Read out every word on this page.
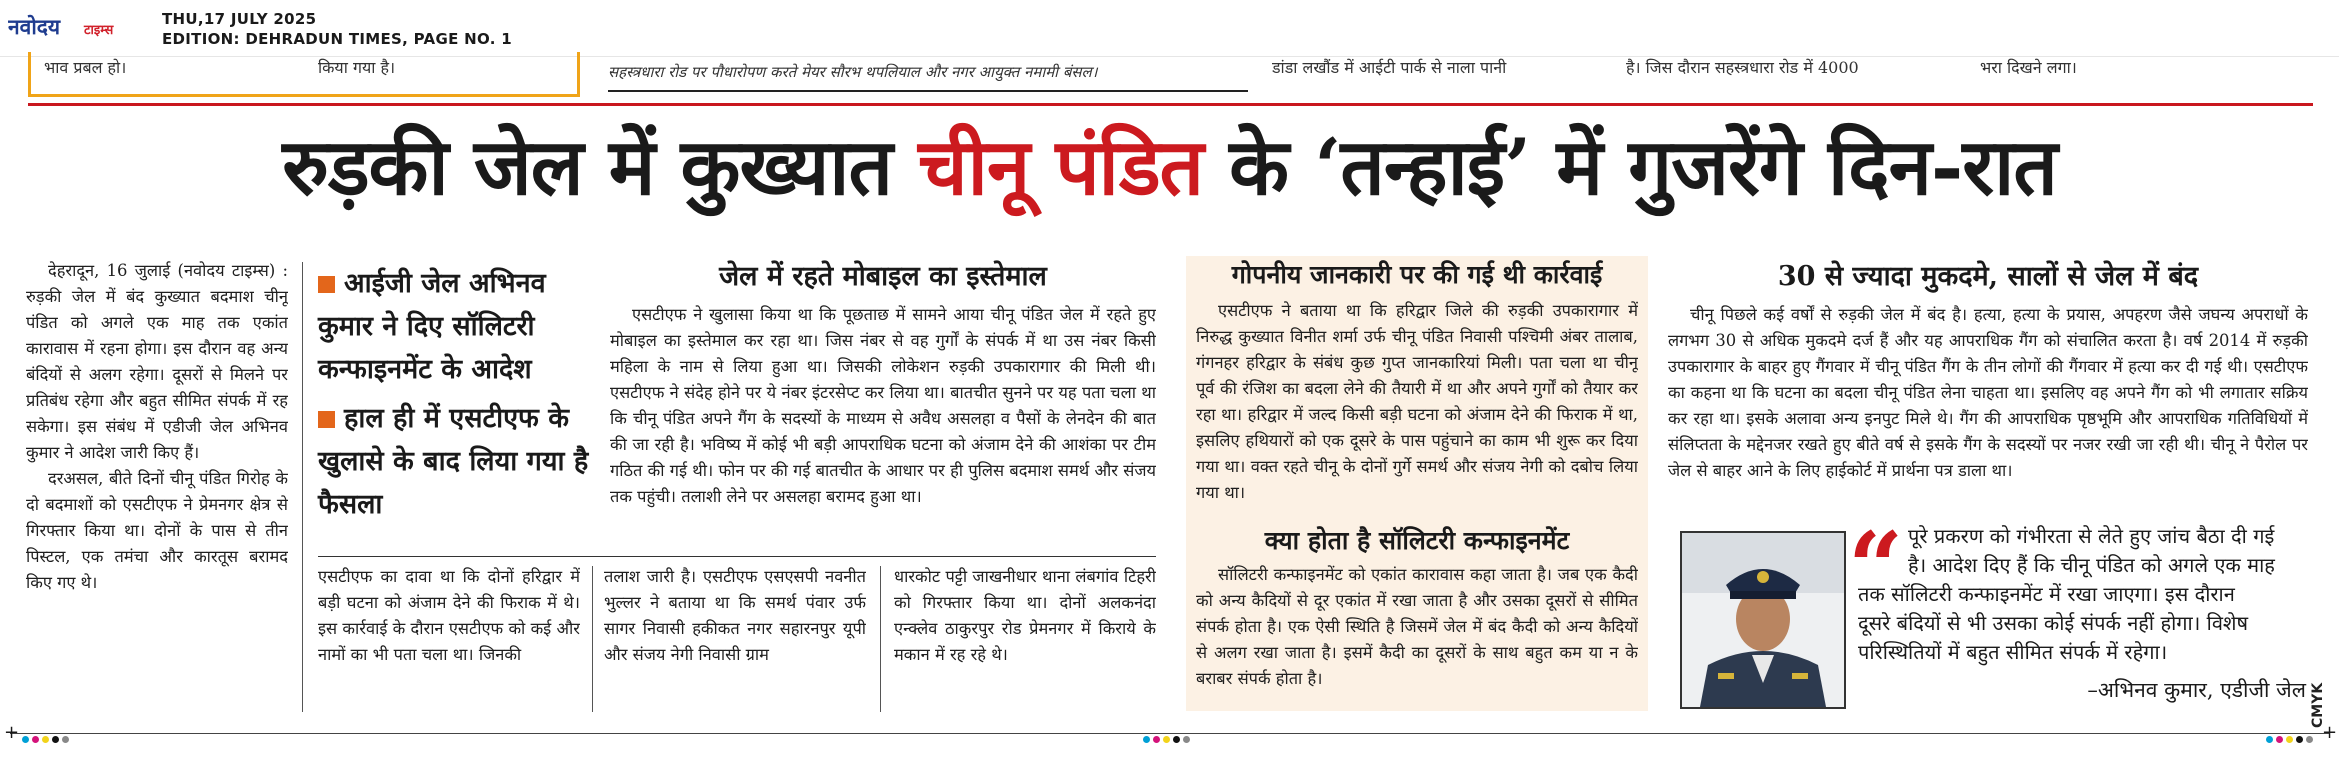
नवोदय टाइम्स
THU,17 JULY 2025
EDITION: DEHRADUN TIMES, PAGE NO. 1
भाव प्रबल हो।	किया गया है।	सहस्त्रधारा रोड पर पौधारोपण करते मेयर सौरभ थपलियाल और नगर आयुक्त नमामी बंसल।	डांडा लखौंड में आईटी पार्क से नाला पानी	है। जिस दौरान सहस्त्रधारा रोड में 4000	भरा दिखने लगा।
रुड़की जेल में कुख्यात चीनू पंडित के ‘तन्हाई’ में गुजरेंगे दिन-रात

देहरादून, 16 जुलाई (नवोदय टाइम्स) : रुड़की जेल में बंद कुख्यात बदमाश चीनू पंडित को अगले एक माह तक एकांत कारावास में रहना होगा। इस दौरान वह अन्य बंदियों से अलग रहेगा। दूसरों से मिलने पर प्रतिबंध रहेगा और बहुत सीमित संपर्क में रह सकेगा। इस संबंध में एडीजी जेल अभिनव कुमार ने आदेश जारी किए हैं।

दरअसल, बीते दिनों चीनू पंडित गिरोह के दो बदमाशों को एसटीएफ ने प्रेमनगर क्षेत्र से गिरफ्तार किया था। दोनों के पास से तीन पिस्टल, एक तमंचा और कारतूस बरामद किए गए थे।

आईजी जेल अभिनव कुमार ने दिए सॉलिटरी कन्फाइनमेंट के आदेश
हाल ही में एसटीएफ के खुलासे के बाद लिया गया है फैसला
जेल में रहते मोबाइल का इस्तेमाल

एसटीएफ ने खुलासा किया था कि पूछताछ में सामने आया चीनू पंडित जेल में रहते हुए मोबाइल का इस्तेमाल कर रहा था। जिस नंबर से वह गुर्गों के संपर्क में था उस नंबर किसी महिला के नाम से लिया हुआ था। जिसकी लोकेशन रुड़की उपकारागार की मिली थी। एसटीएफ ने संदेह होने पर ये नंबर इंटरसेप्ट कर लिया था। बातचीत सुनने पर यह पता चला था कि चीनू पंडित अपने गैंग के सदस्यों के माध्यम से अवैध असलहा व पैसों के लेनदेन की बात की जा रही है। भविष्य में कोई भी बड़ी आपराधिक घटना को अंजाम देने की आशंका पर टीम गठित की गई थी। फोन पर की गई बातचीत के आधार पर ही पुलिस बदमाश समर्थ और संजय तक पहुंची। तलाशी लेने पर असलहा बरामद हुआ था।

एसटीएफ का दावा था कि दोनों हरिद्वार में बड़ी घटना को अंजाम देने की फिराक में थे। इस कार्रवाई के दौरान एसटीएफ को कई और नामों का भी पता चला था। जिनकी

तलाश जारी है। एसटीएफ एसएसपी नवनीत भुल्लर ने बताया था कि समर्थ पंवार उर्फ सागर निवासी हकीकत नगर सहारनपुर यूपी और संजय नेगी निवासी ग्राम

धारकोट पट्टी जाखनीधार थाना लंबगांव टिहरी को गिरफ्तार किया था। दोनों अलकनंदा एन्क्लेव ठाकुरपुर रोड प्रेमनगर में किराये के मकान में रह रहे थे।

गोपनीय जानकारी पर की गई थी कार्रवाई

एसटीएफ ने बताया था कि हरिद्वार जिले की रुड़की उपकारागार में निरुद्ध कुख्यात विनीत शर्मा उर्फ चीनू पंडित निवासी पश्चिमी अंबर तालाब, गंगनहर हरिद्वार के संबंध कुछ गुप्त जानकारियां मिली। पता चला था चीनू पूर्व की रंजिश का बदला लेने की तैयारी में था और अपने गुर्गों को तैयार कर रहा था। हरिद्वार में जल्द किसी बड़ी घटना को अंजाम देने की फिराक में था, इसलिए हथियारों को एक दूसरे के पास पहुंचाने का काम भी शुरू कर दिया गया था। वक्त रहते चीनू के दोनों गुर्गे समर्थ और संजय नेगी को दबोच लिया गया था।

क्या होता है सॉलिटरी कन्फाइनमेंट

सॉलिटरी कन्फाइनमेंट को एकांत कारावास कहा जाता है। जब एक कैदी को अन्य कैदियों से दूर एकांत में रखा जाता है और उसका दूसरों से सीमित संपर्क होता है। एक ऐसी स्थिति है जिसमें जेल में बंद कैदी को अन्य कैदियों से अलग रखा जाता है। इसमें कैदी का दूसरों के साथ बहुत कम या न के बराबर संपर्क होता है।

30 से ज्यादा मुकदमे, सालों से जेल में बंद

चीनू पिछले कई वर्षों से रुड़की जेल में बंद है। हत्या, हत्या के प्रयास, अपहरण जैसे जघन्य अपराधों के लगभग 30 से अधिक मुकदमे दर्ज हैं और यह आपराधिक गैंग को संचालित करता है। वर्ष 2014 में रुड़की उपकारागार के बाहर हुए गैंगवार में चीनू पंडित गैंग के तीन लोगों की गैंगवार में हत्या कर दी गई थी। एसटीएफ का कहना था कि घटना का बदला चीनू पंडित लेना चाहता था। इसलिए वह अपने गैंग को भी लगातार सक्रिय कर रहा था। इसके अलावा अन्य इनपुट मिले थे। गैंग की आपराधिक पृष्ठभूमि और आपराधिक गतिविधियों में संलिप्तता के मद्देनजर रखते हुए बीते वर्ष से इसके गैंग के सदस्यों पर नजर रखी जा रही थी। चीनू ने पैरोल पर जेल से बाहर आने के लिए हाईकोर्ट में प्रार्थना पत्र डाला था।

“ पूरे प्रकरण को गंभीरता से लेते हुए जांच बैठा दी गई
है। आदेश दिए हैं कि चीनू पंडित को अगले एक माह
तक सॉलिटरी कन्फाइनमेंट में रखा जाएगा। इस दौरान
दूसरे बंदियों से भी उसका कोई संपर्क नहीं होगा। विशेष
परिस्थितियों में बहुत सीमित संपर्क में रहेगा।
–अभिनव कुमार, एडीजी जेल
+
CMYK
+
